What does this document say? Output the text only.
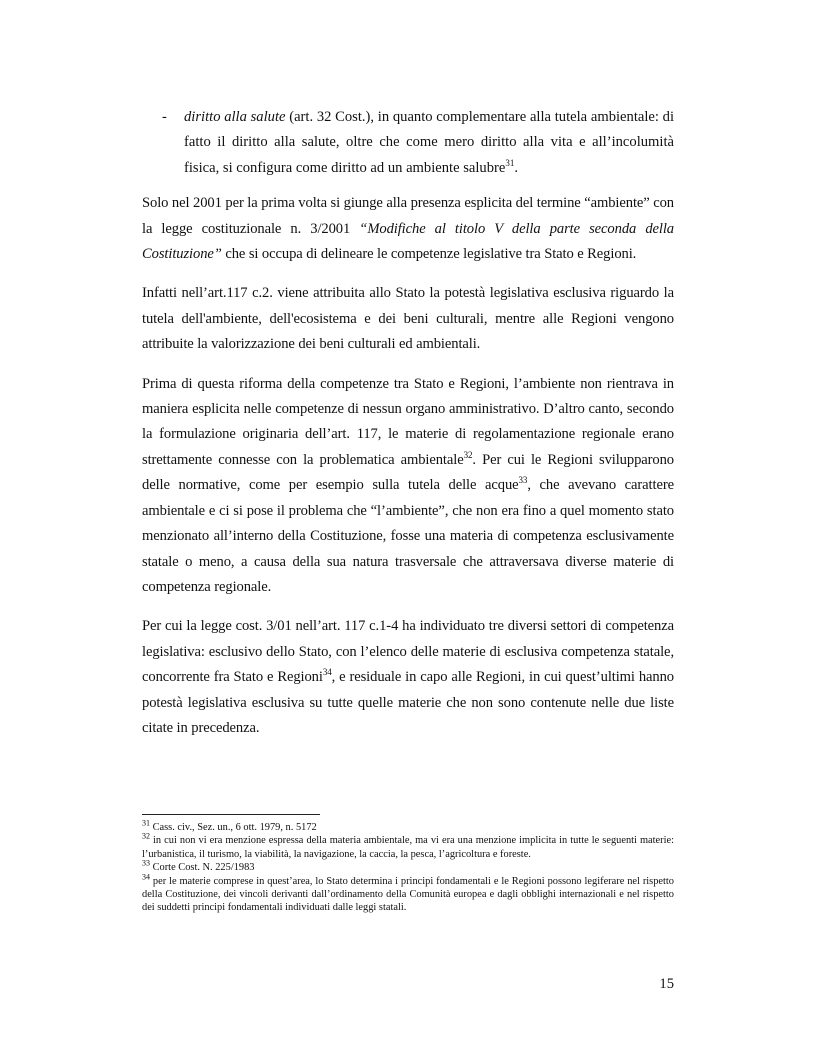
-	diritto alla salute (art. 32 Cost.), in quanto complementare alla tutela ambientale: di fatto il diritto alla salute, oltre che come mero diritto alla vita e all’incolumità fisica, si configura come diritto ad un ambiente salubre$^{31}$.

Solo nel 2001 per la prima volta si giunge alla presenza esplicita del termine “ambiente” con la legge costituzionale n. 3/2001 “Modifiche al titolo V della parte seconda della Costituzione” che si occupa di delineare le competenze legislative tra Stato e Regioni.

Infatti nell’art.117 c.2. viene attribuita allo Stato la potestà legislativa esclusiva riguardo la tutela dell'ambiente, dell'ecosistema e dei beni culturali, mentre alle Regioni vengono attribuite la valorizzazione dei beni culturali ed ambientali.

Prima di questa riforma della competenze tra Stato e Regioni, l’ambiente non rientrava in maniera esplicita nelle competenze di nessun organo amministrativo. D’altro canto, secondo la formulazione originaria dell’art. 117, le materie di regolamentazione regionale erano strettamente connesse con la problematica ambientale$^{32}$. Per cui le Regioni svilupparono delle normative, come per esempio sulla tutela delle acque$^{33}$, che avevano carattere ambientale e ci si pose il problema che “l’ambiente”, che non era fino a quel momento stato menzionato all’interno della Costituzione, fosse una materia di competenza esclusivamente statale o meno, a causa della sua natura trasversale che attraversava diverse materie di competenza regionale.

Per cui la legge cost. 3/01 nell’art. 117 c.1-4 ha individuato tre diversi settori di competenza legislativa: esclusivo dello Stato, con l’elenco delle materie di esclusiva competenza statale, concorrente fra Stato e Regioni$^{34}$, e residuale in capo alle Regioni, in cui quest’ultimi hanno potestà legislativa esclusiva su tutte quelle materie che non sono contenute nelle due liste citate in precedenza.

$^{31}$ Cass. civ., Sez. un., 6 ott. 1979, n. 5172

$^{32}$ in cui non vi era menzione espressa della materia ambientale, ma vi era una menzione implicita in tutte le seguenti materie: l’urbanistica, il turismo, la viabilità, la navigazione, la caccia, la pesca, l’agricoltura e foreste.

$^{33}$ Corte Cost. N. 225/1983

$^{34}$ per le materie comprese in quest’area, lo Stato determina i principi fondamentali e le Regioni possono legiferare nel rispetto della Costituzione, dei vincoli derivanti dall’ordinamento della Comunità europea e dagli obblighi internazionali e nel rispetto dei suddetti principi fondamentali individuati dalle leggi statali.

15
